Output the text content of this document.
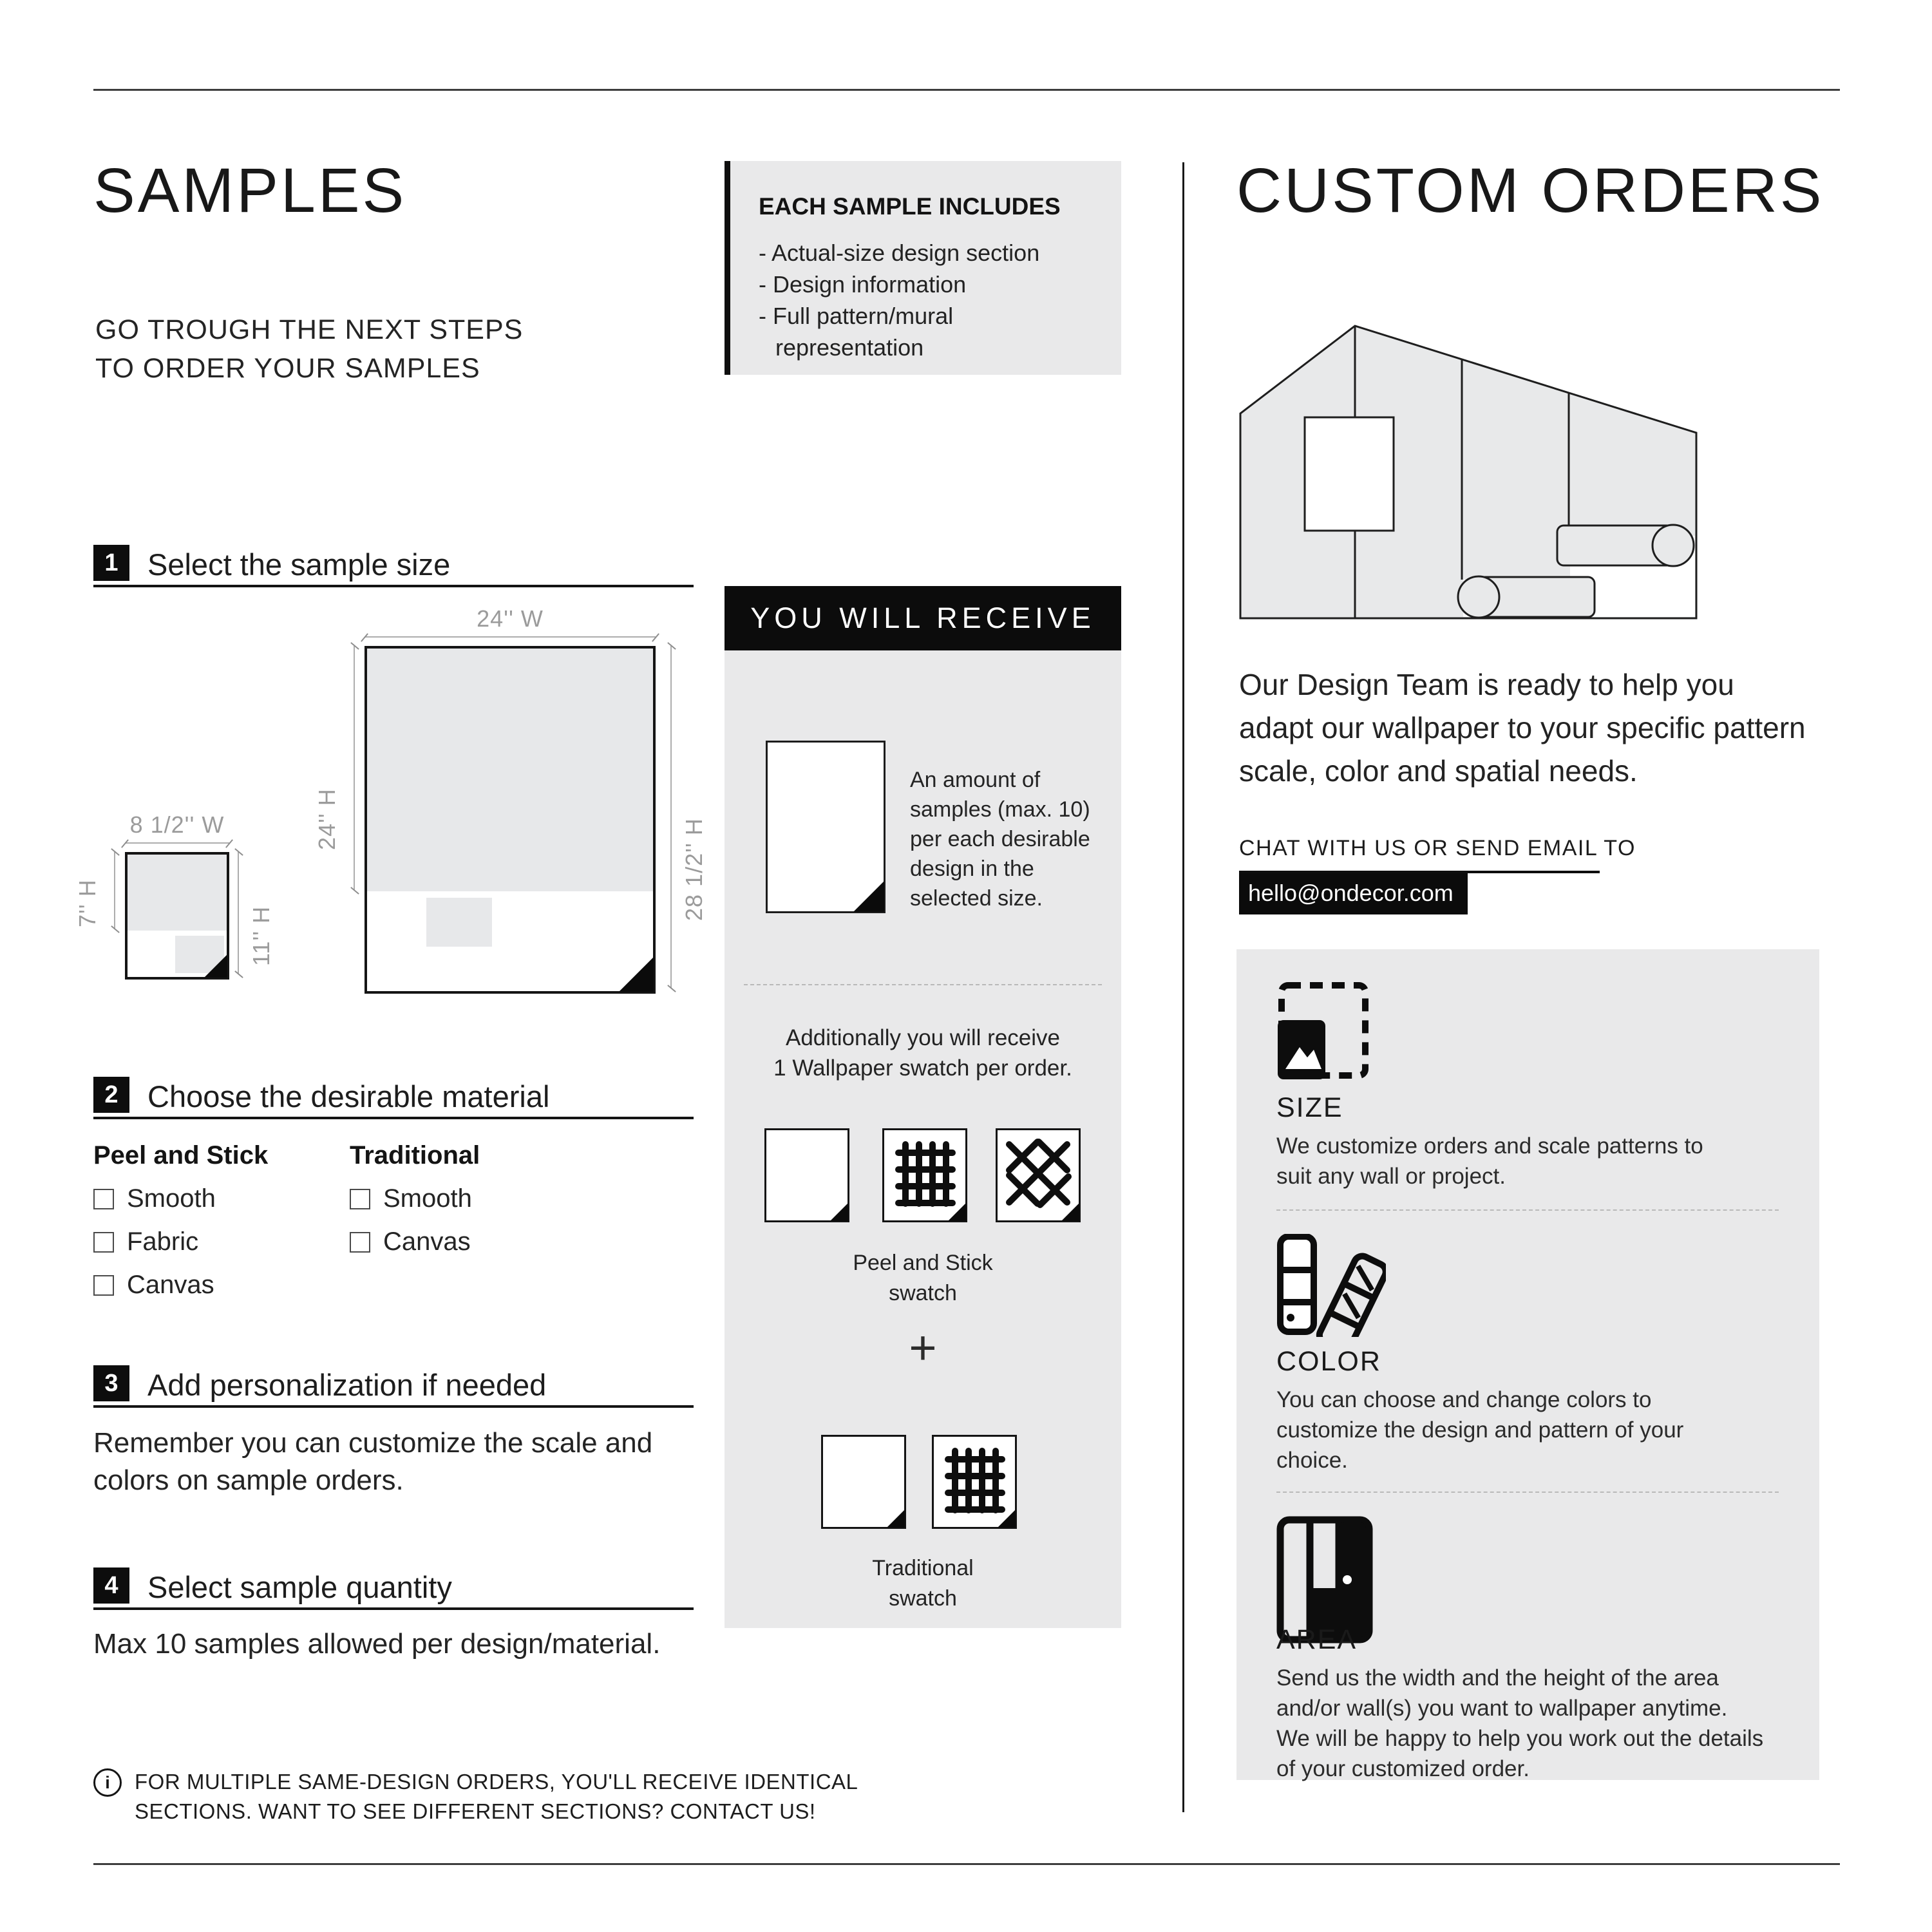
SAMPLES
GO TROUGH THE NEXT STEPS
TO ORDER YOUR SAMPLES
1 Select the sample size
24'' W
24'' H	28 1/2'' H
8 1/2'' W
7'' H
11'' H
2 Choose the desirable material
Peel and Stick
Smooth
Fabric
Canvas
Traditional
Smooth
Canvas
3 Add personalization if needed
Remember you can customize the scale and colors on sample orders.
4 Select sample quantity
Max 10 samples allowed per design/material.
i	FOR MULTIPLE SAME-DESIGN ORDERS, YOU'LL RECEIVE IDENTICAL
SECTIONS. WANT TO SEE DIFFERENT SECTIONS? CONTACT US!
EACH SAMPLE INCLUDES
- Actual-size design section
- Design information
- Full pattern/mural representation
YOU WILL RECEIVE
An amount of samples (max. 10) per each desirable design in the selected size.
Additionally you will receive
1 Wallpaper swatch per order.
Peel and Stick
swatch
+
Traditional
swatch
CUSTOM ORDERS
Our Design Team is ready to help you adapt our wallpaper to your specific pattern scale, color and spatial needs.
CHAT WITH US OR SEND EMAIL TO
hello@ondecor.com
SIZE
We customize orders and scale patterns to suit any wall or project.
COLOR
You can choose and change colors to customize the design and pattern of your choice.
AREA
Send us the width and the height of the area and/or wall(s) you want to wallpaper anytime. We will be happy to help you work out the details of your customized order.
